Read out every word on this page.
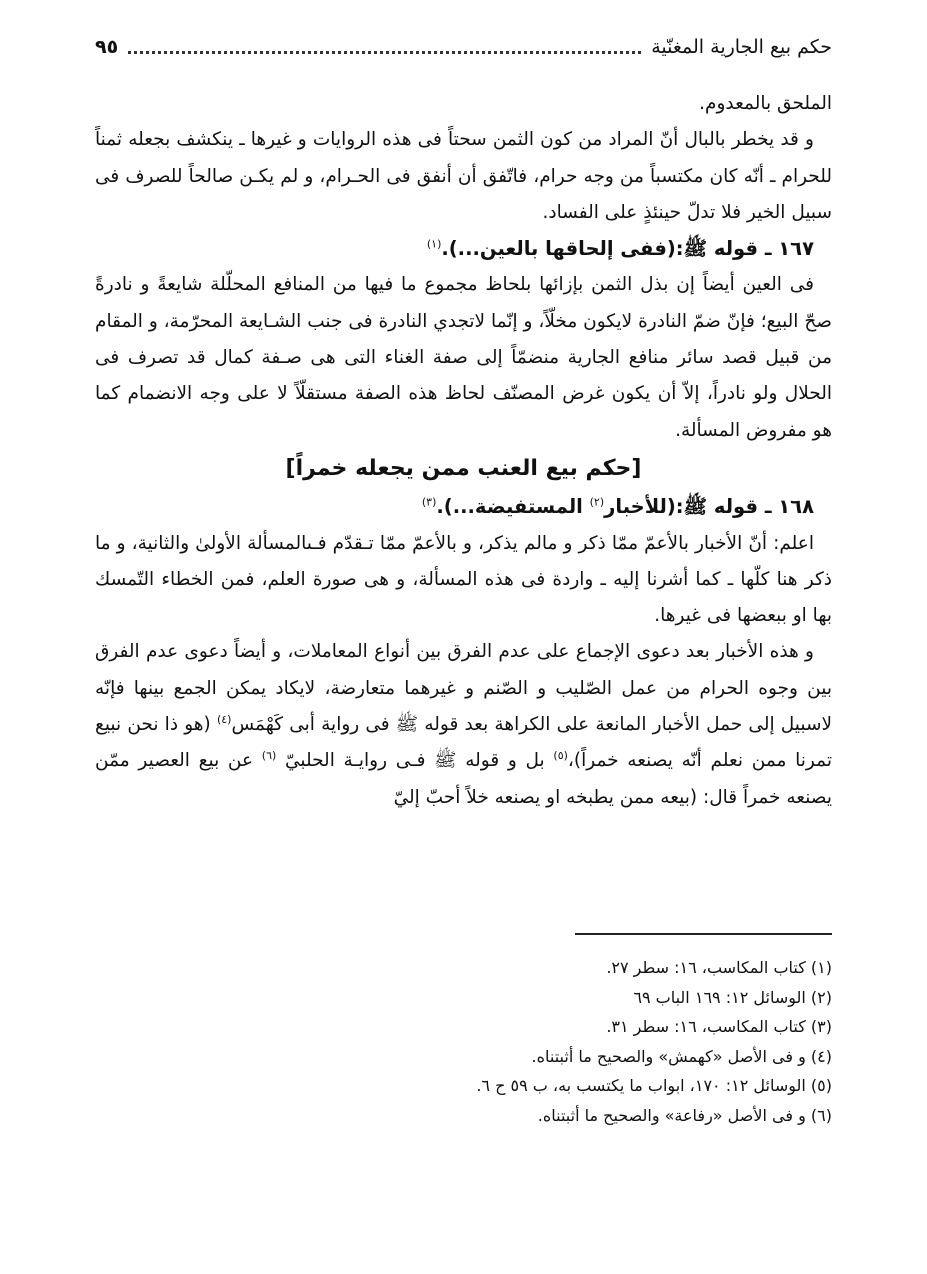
حكم بيع الجارية المغنّية
٩٥

الملحق بالمعدوم.

و قد يخطر بالبال أنّ المراد من كون الثمن سحتاً فى هذه الروايات و غيرها ـ ينكشف بجعله ثمناً للحرام ـ أنّه كان مكتسباً من وجه حرام، فاتّفق أن أنفق فى الحـرام، و لم يكـن صالحاً للصرف فى سبيل الخير فلا تدلّ حينئذٍ على الفساد.

١٦٧ ـ قوله ﷺ:(ففى إلحاقها بالعين...).$^{(١)}$

فى العين أيضاً إن بذل الثمن بإزائها بلحاظ مجموع ما فيها من المنافع المحلّلة شايعةً و نادرةً صحّ البيع؛ فإنّ ضمّ النادرة لايكون مخلّاً، و إنّما لاتجدي النادرة فى جنب الشـايعة المحرّمة، و المقام من قبيل قصد سائر منافع الجارية منضمّاً إلى صفة الغناء التى هى صـفة كمال قد تصرف فى الحلال ولو نادراً، إلاّ أن يكون غرض المصنّف لحاظ هذه الصفة مستقلّاً لا على وجه الانضمام كما هو مفروض المسألة.

[حكم بيع العنب ممن يجعله خمراً]

١٦٨ ـ قوله ﷺ:(للأخبار$^{(٢)}$ المستفيضة...).$^{(٣)}$

اعلم: أنّ الأخبار بالأعمّ ممّا ذكر و مالم يذكر، و بالأعمّ ممّا تـقدّم فـىالمسألة الأولىٰ والثانية، و ما ذكر هنا كلّها ـ كما أشرنا إليه ـ واردة فى هذه المسألة، و هى صورة العلم، فمن الخطاء التّمسك بها او ببعضها فى غيرها.

و هذه الأخبار بعد دعوى الإجماع على عدم الفرق بين أنواع المعاملات، و أيضاً دعوى عدم الفرق بين وجوه الحرام من عمل الصّليب و الصّنم و غيرهما متعارضة، لايكاد يمكن الجمع بينها فإنّه لاسبيل إلى حمل الأخبار المانعة على الكراهة بعد قوله ﷺ فى رواية أبى كَهْمَس$^{(٤)}$ (هو ذا نحن نبيع تمرنا ممن نعلم أنّه يصنعه خمراً)،$^{(٥)}$ بل و قوله ﷺ فـى روايـة الحلبيّ $^{(٦)}$ عن بيع العصير ممّن يصنعه خمراً قال: (بيعه ممن يطبخه او يصنعه خلاً أحبّ إليّ

(١) كتاب المكاسب، ١٦: سطر ٢٧.
(٢) الوسائل ١٢: ١٦٩ الباب ٦٩
(٣) كتاب المكاسب، ١٦: سطر ٣١.
(٤) و فى الأصل «كهمش» والصحيح ما أثبتناه.
(٥) الوسائل ١٢: ١٧٠، ابواب ما يكتسب به، ب ٥٩ ح ٦.
(٦) و فى الأصل «رفاعة» والصحيح ما أثبتناه.
